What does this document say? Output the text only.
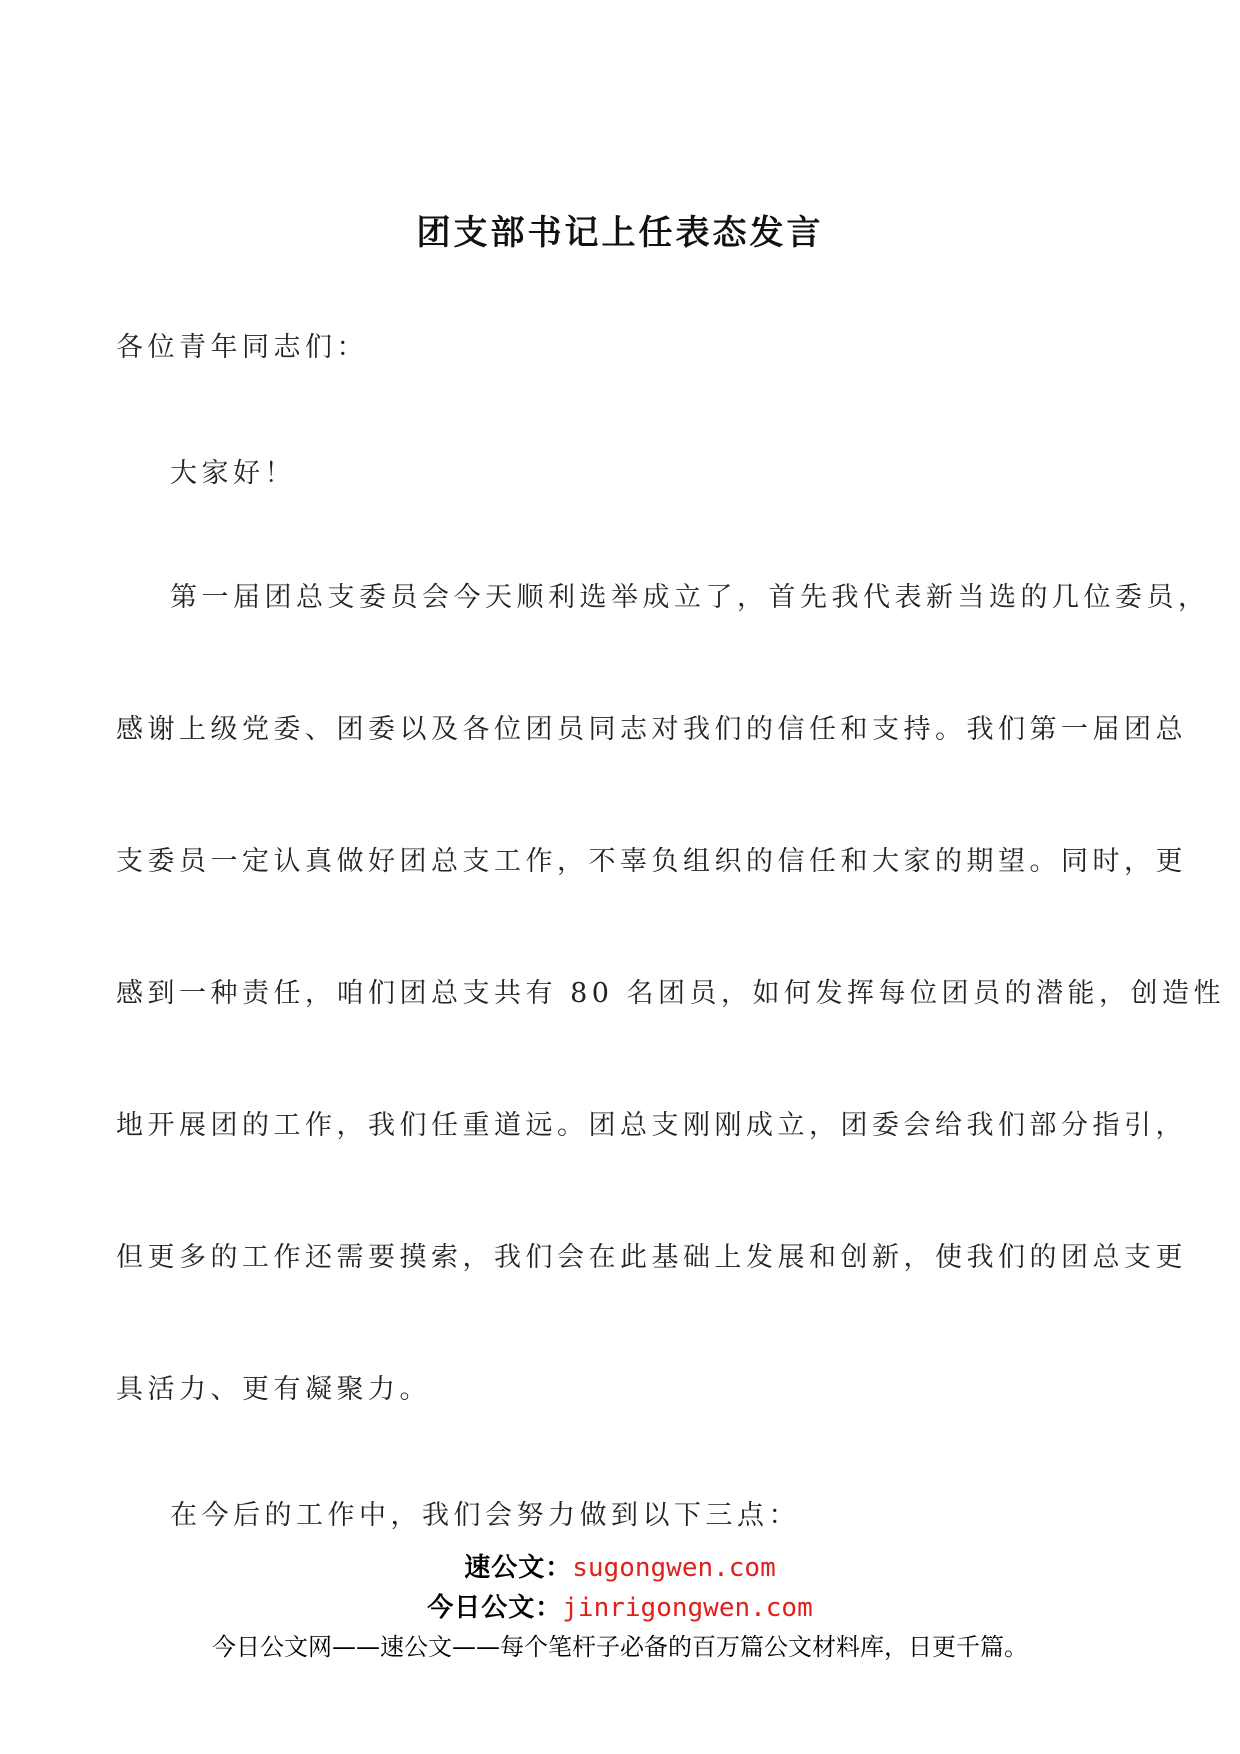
团支部书记上任表态发言

各位青年同志们：

大家好！

第一届团总支委员会今天顺利选举成立了，首先我代表新当选的几位委员，
感谢上级党委、团委以及各位团员同志对我们的信任和支持。我们第一届团总
支委员一定认真做好团总支工作，不辜负组织的信任和大家的期望。同时，更
感到一种责任，咱们团总支共有 80 名团员，如何发挥每位团员的潜能，创造性
地开展团的工作，我们任重道远。团总支刚刚成立，团委会给我们部分指引，
但更多的工作还需要摸索，我们会在此基础上发展和创新，使我们的团总支更
具活力、更有凝聚力。

在今后的工作中，我们会努力做到以下三点：

速公文：sugongwen.com
今日公文：jinrigongwen.com
今日公文网——速公文——每个笔杆子必备的百万篇公文材料库，日更千篇。
